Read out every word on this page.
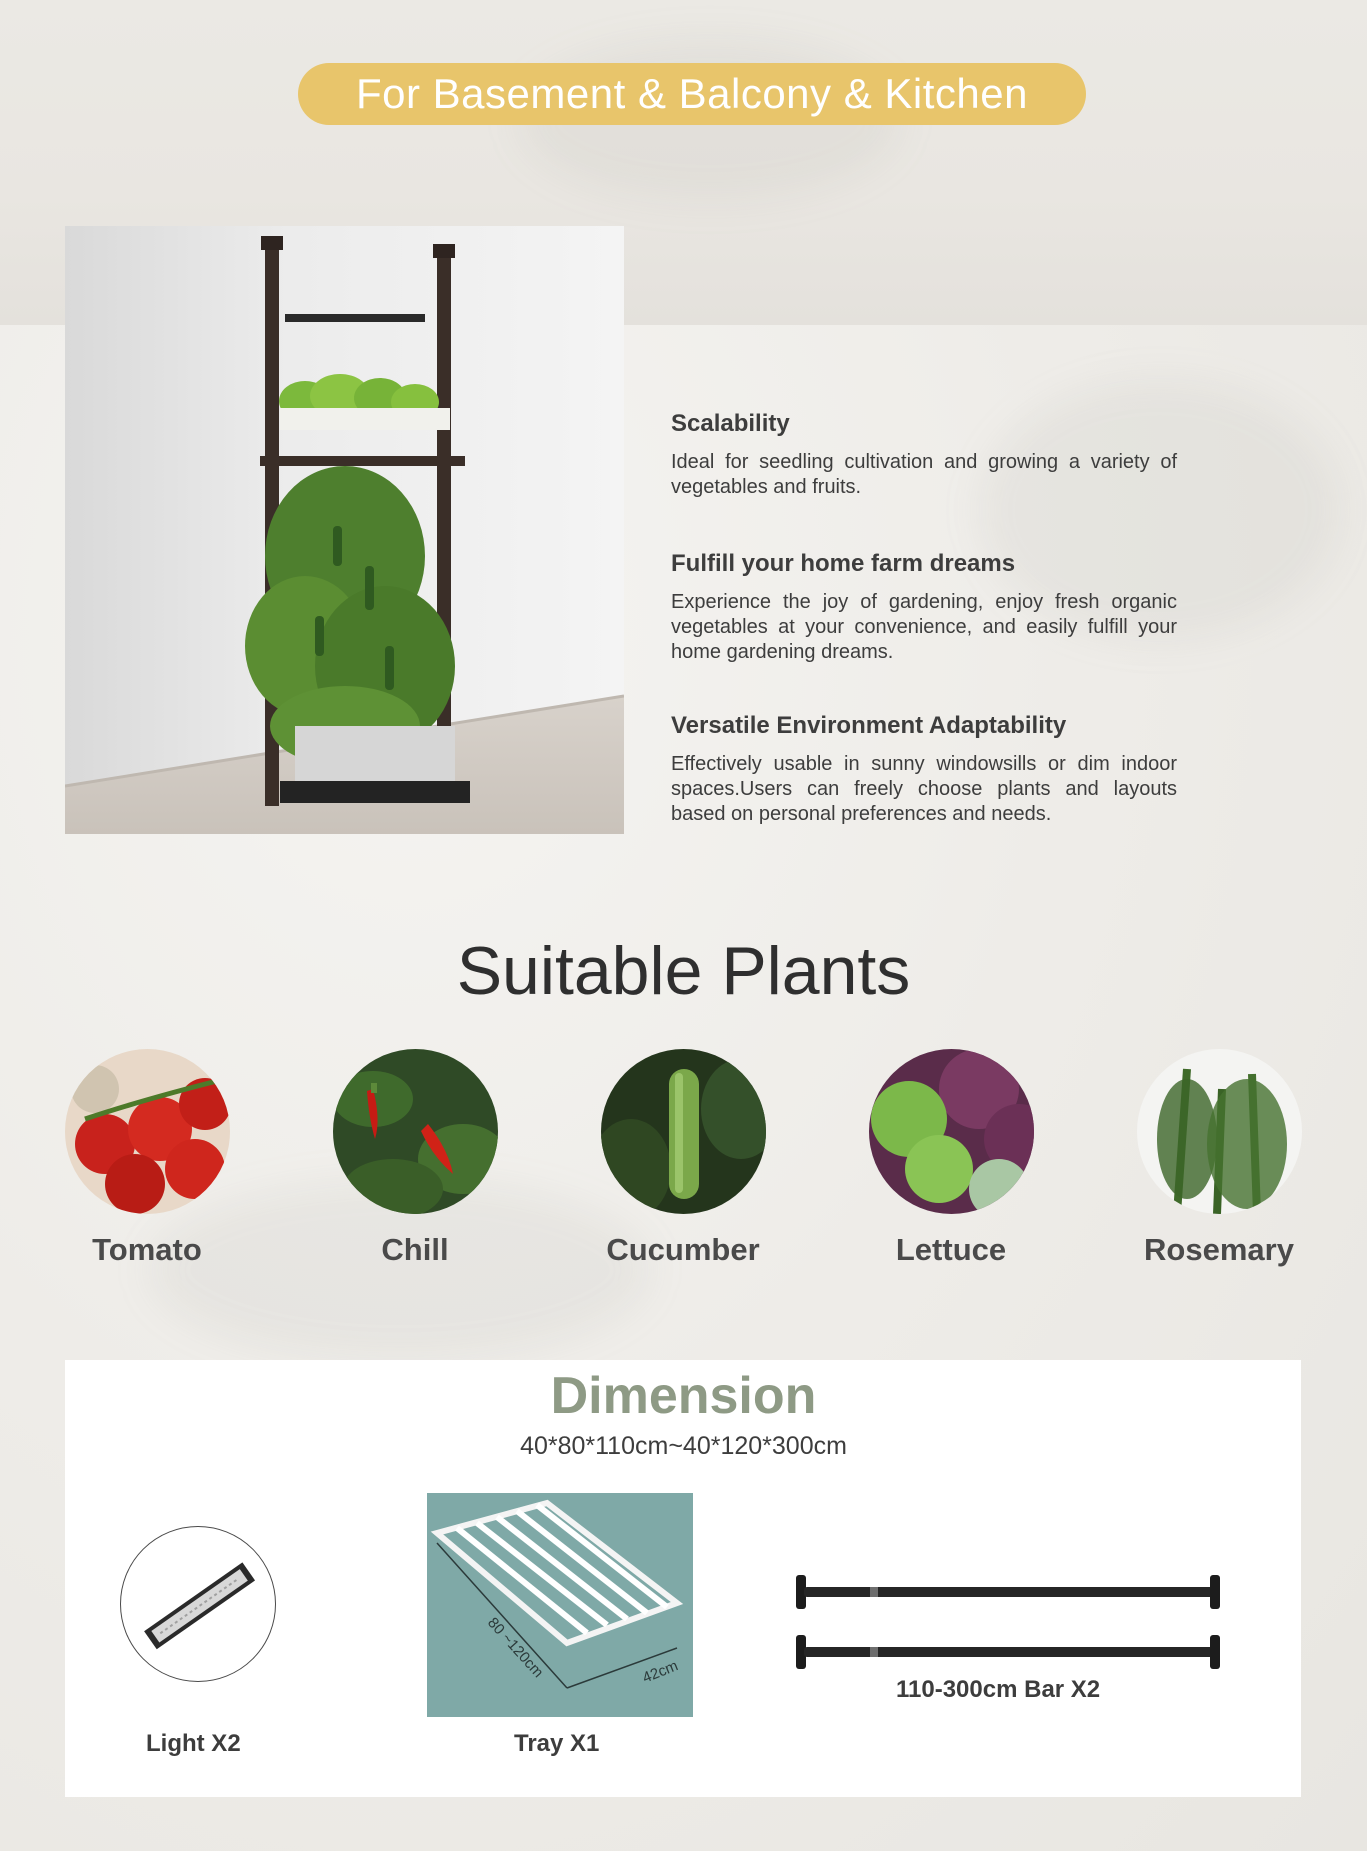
For Basement & Balcony & Kitchen
Scalability

Ideal for seedling cultivation and growing a variety of vegetables and fruits.

Fulfill your home farm dreams

Experience the joy of gardening, enjoy fresh organic vegetables at your convenience, and easily fulfill your home gardening dreams.

Versatile Environment Adaptability

Effectively usable in sunny windowsills or dim indoor spaces.Users can freely choose plants and layouts based on personal preferences and needs.

Suitable Plants
Tomato	Chill	Cucumber	Lettuce	Rosemary
Dimension
40*80*110cm~40*120*300cm
Light X2
80 ~120cm	42cm
Tray X1
110-300cm Bar X2
